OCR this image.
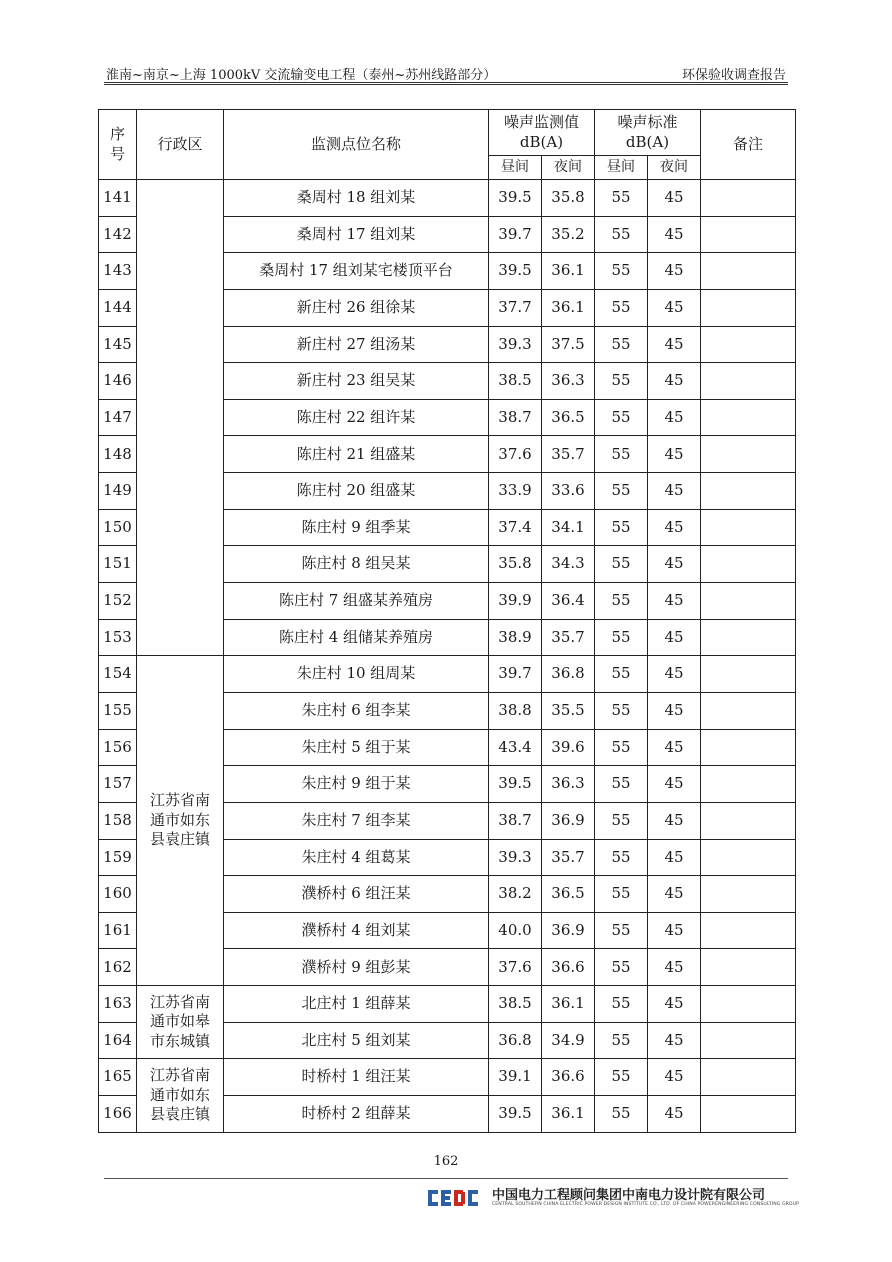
淮南~南京~上海 1000kV 交流输变电工程（泰州~苏州线路部分）	环保验收调查报告
序号	行政区	监测点位名称	噪声监测值 dB(A)		噪声标准 dB(A)		备注
			昼间	夜间	昼间	夜间	
141		桑周村 18 组刘某	39.5	35.8	55	45	
142		桑周村 17 组刘某	39.7	35.2	55	45	
143		桑周村 17 组刘某宅楼顶平台	39.5	36.1	55	45	
144		新庄村 26 组徐某	37.7	36.1	55	45	
145		新庄村 27 组汤某	39.3	37.5	55	45	
146		新庄村 23 组吴某	38.5	36.3	55	45	
147		陈庄村 22 组许某	38.7	36.5	55	45	
148		陈庄村 21 组盛某	37.6	35.7	55	45	
149		陈庄村 20 组盛某	33.9	33.6	55	45	
150		陈庄村 9 组季某	37.4	34.1	55	45	
151		陈庄村 8 组吴某	35.8	34.3	55	45	
152		陈庄村 7 组盛某养殖房	39.9	36.4	55	45	
153		陈庄村 4 组储某养殖房	38.9	35.7	55	45	
154	江苏省南通市如东县袁庄镇	朱庄村 10 组周某	39.7	36.8	55	45	
155		朱庄村 6 组李某	38.8	35.5	55	45	
156		朱庄村 5 组于某	43.4	39.6	55	45	
157		朱庄村 9 组于某	39.5	36.3	55	45	
158		朱庄村 7 组李某	38.7	36.9	55	45	
159		朱庄村 4 组葛某	39.3	35.7	55	45	
160		濮桥村 6 组汪某	38.2	36.5	55	45	
161		濮桥村 4 组刘某	40.0	36.9	55	45	
162		濮桥村 9 组彭某	37.6	36.6	55	45	
163	江苏省南通市如皋市东城镇	北庄村 1 组薛某	38.5	36.1	55	45	
164		北庄村 5 组刘某	36.8	34.9	55	45	
165	江苏省南通市如东县袁庄镇	时桥村 1 组汪某	39.1	36.6	55	45	
166		时桥村 2 组薛某	39.5	36.1	55	45	
162
中国电力工程顾问集团中南电力设计院有限公司
CENTRAL SOUTHERN CHINA ELECTRIC POWER DESIGN INSTITUTE CO., LTD. OF CHINA POWERENGINEERING CONSULTING GROUP
